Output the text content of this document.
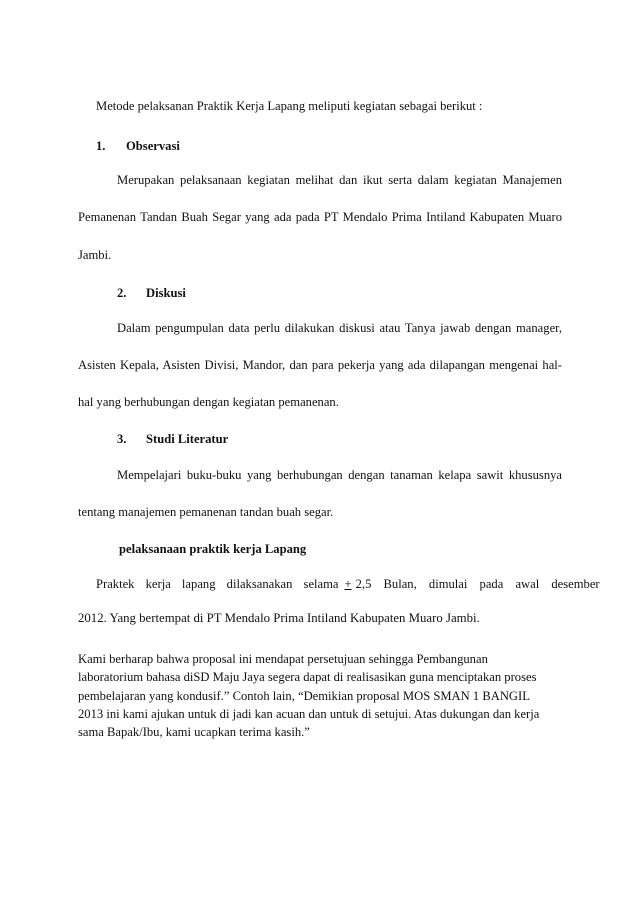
Metode pelaksanan Praktik Kerja Lapang meliputi kegiatan sebagai berikut :
1. Observasi
Merupakan pelaksanaan kegiatan melihat dan ikut serta dalam kegiatan Manajemen
Pemanenan Tandan Buah Segar yang ada pada PT Mendalo Prima Intiland Kabupaten Muaro
Jambi.
2. Diskusi
Dalam pengumpulan data perlu dilakukan diskusi atau Tanya jawab dengan manager,
Asisten Kepala, Asisten Divisi, Mandor, dan para pekerja yang ada dilapangan mengenai hal-
hal yang berhubungan dengan kegiatan pemanenan.
3. Studi Literatur
Mempelajari buku-buku yang berhubungan dengan tanaman kelapa sawit khususnya
tentang manajemen pemanenan tandan buah segar.
pelaksanaan praktik kerja Lapang
Praktek kerja lapang dilaksanakan selama + 2,5 Bulan, dimulai pada awal desember
2012. Yang bertempat di PT Mendalo Prima Intiland Kabupaten Muaro Jambi.
Kami berharap bahwa proposal ini mendapat persetujuan sehingga Pembangunan
laboratorium bahasa diSD Maju Jaya segera dapat di realisasikan guna menciptakan proses
pembelajaran yang kondusif.” Contoh lain, “Demikian proposal MOS SMAN 1 BANGIL
2013 ini kami ajukan untuk di jadi kan acuan dan untuk di setujui. Atas dukungan dan kerja
sama Bapak/Ibu, kami ucapkan terima kasih.”
